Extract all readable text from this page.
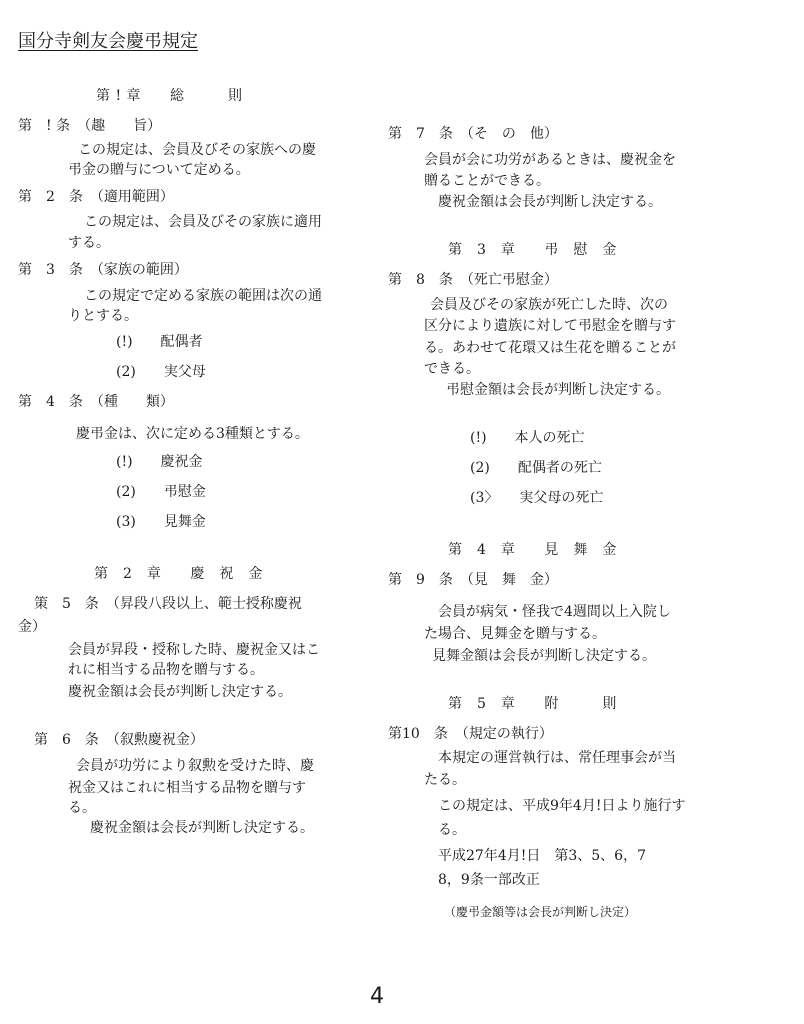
国分寺剣友会慶弔規定
第 ! 章　　総　　　則
第　! 条　（趣　　旨）
この規定は、会員及びその家族への慶
弔金の贈与について定める。
第　2　条　（適用範囲）
この規定は、会員及びその家族に適用
する。
第　3　条　（家族の範囲）
この規定で定める家族の範囲は次の通
りとする。
(!)　　配偶者
(2)　　実父母
第　4　条　（種　　類）
慶弔金は、次に定める3種類とする。
(!)　　慶祝金
(2)　　弔慰金
(3)　　見舞金
第　2　章　　慶　祝　金
策　5　条　（昇段八段以上、範士授称慶祝
金）
会員が昇段・授称した時、慶祝金又はこ
れに相当する品物を贈与する。
慶祝金額は会長が判断し決定する。
第　6　条　（叙勲慶祝金）
会員が功労により叙勲を受けた時、慶
祝金又はこれに相当する品物を贈与す
る。
慶祝金額は会長が判断し決定する。
第　7　条　（そ　の　他）
会員が会に功労があるときは、慶祝金を
贈ることができる。
慶祝金額は会長が判断し決定する。
第　3　章　　弔　慰　金
第　8　条　（死亡弔慰金）
会員及びその家族が死亡した時、次の
区分により遺族に対して弔慰金を贈与す
る。あわせて花環又は生花を贈ることが
できる。
弔慰金額は会長が判断し決定する。
(!)　　本人の死亡
(2)　　配偶者の死亡
(3〉　　実父母の死亡
第　4　章　　見　舞　金
第　9　条　（見　舞　金）
会員が病気・怪我で4週間以上入院し
た場合、見舞金を贈与する。
見舞金額は会長が判断し決定する。
第　5　章　　附　　　則
第10　条　（規定の執行）
本規定の運営執行は、常任理事会が当
たる。
この規定は、平成9年4月!日より施行す
る。
平成27年4月!日　第3、5、6，7
8，9条一部改正
（慶弔金額等は会長が判断し決定）
4
